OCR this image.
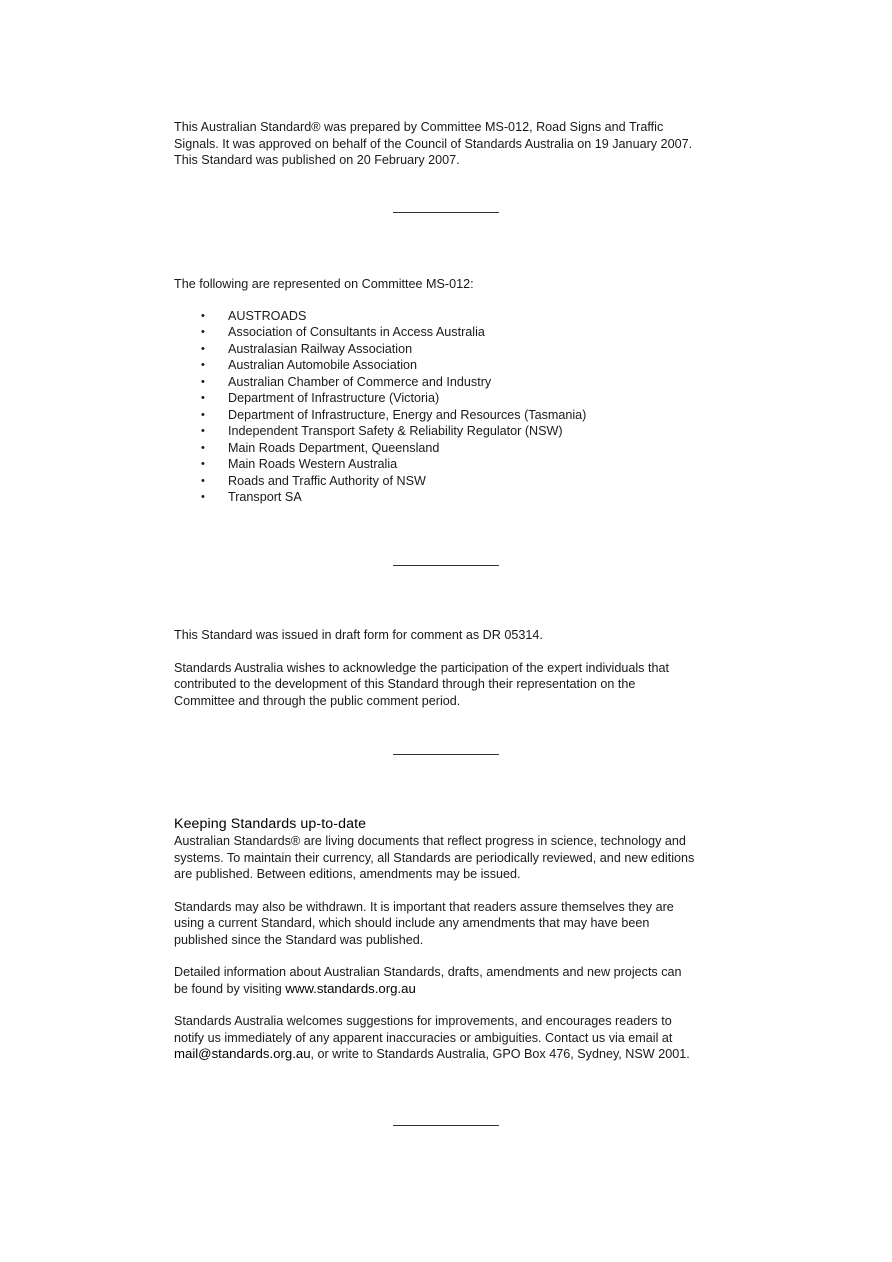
This Australian Standard® was prepared by Committee MS-012, Road Signs and Traffic

Signals. It was approved on behalf of the Council of Standards Australia on 19 January 2007.

This Standard was published on 20 February 2007.

The following are represented on Committee MS-012:

• AUSTROADS
• Association of Consultants in Access Australia
• Australasian Railway Association
• Australian Automobile Association
• Australian Chamber of Commerce and Industry
• Department of Infrastructure (Victoria)
• Department of Infrastructure, Energy and Resources (Tasmania)
• Independent Transport Safety & Reliability Regulator (NSW)
• Main Roads Department, Queensland
• Main Roads Western Australia
• Roads and Traffic Authority of NSW
• Transport SA

This Standard was issued in draft form for comment as DR 05314.

Standards Australia wishes to acknowledge the participation of the expert individuals that

contributed to the development of this Standard through their representation on the

Committee and through the public comment period.

Keeping Standards up-to-date

Australian Standards® are living documents that reflect progress in science, technology and

systems. To maintain their currency, all Standards are periodically reviewed, and new editions

are published. Between editions, amendments may be issued.

Standards may also be withdrawn. It is important that readers assure themselves they are

using a current Standard, which should include any amendments that may have been

published since the Standard was published.

Detailed information about Australian Standards, drafts, amendments and new projects can

be found by visiting www.standards.org.au

Standards Australia welcomes suggestions for improvements, and encourages readers to

notify us immediately of any apparent inaccuracies or ambiguities. Contact us via email at

mail@standards.org.au, or write to Standards Australia, GPO Box 476, Sydney, NSW 2001.
